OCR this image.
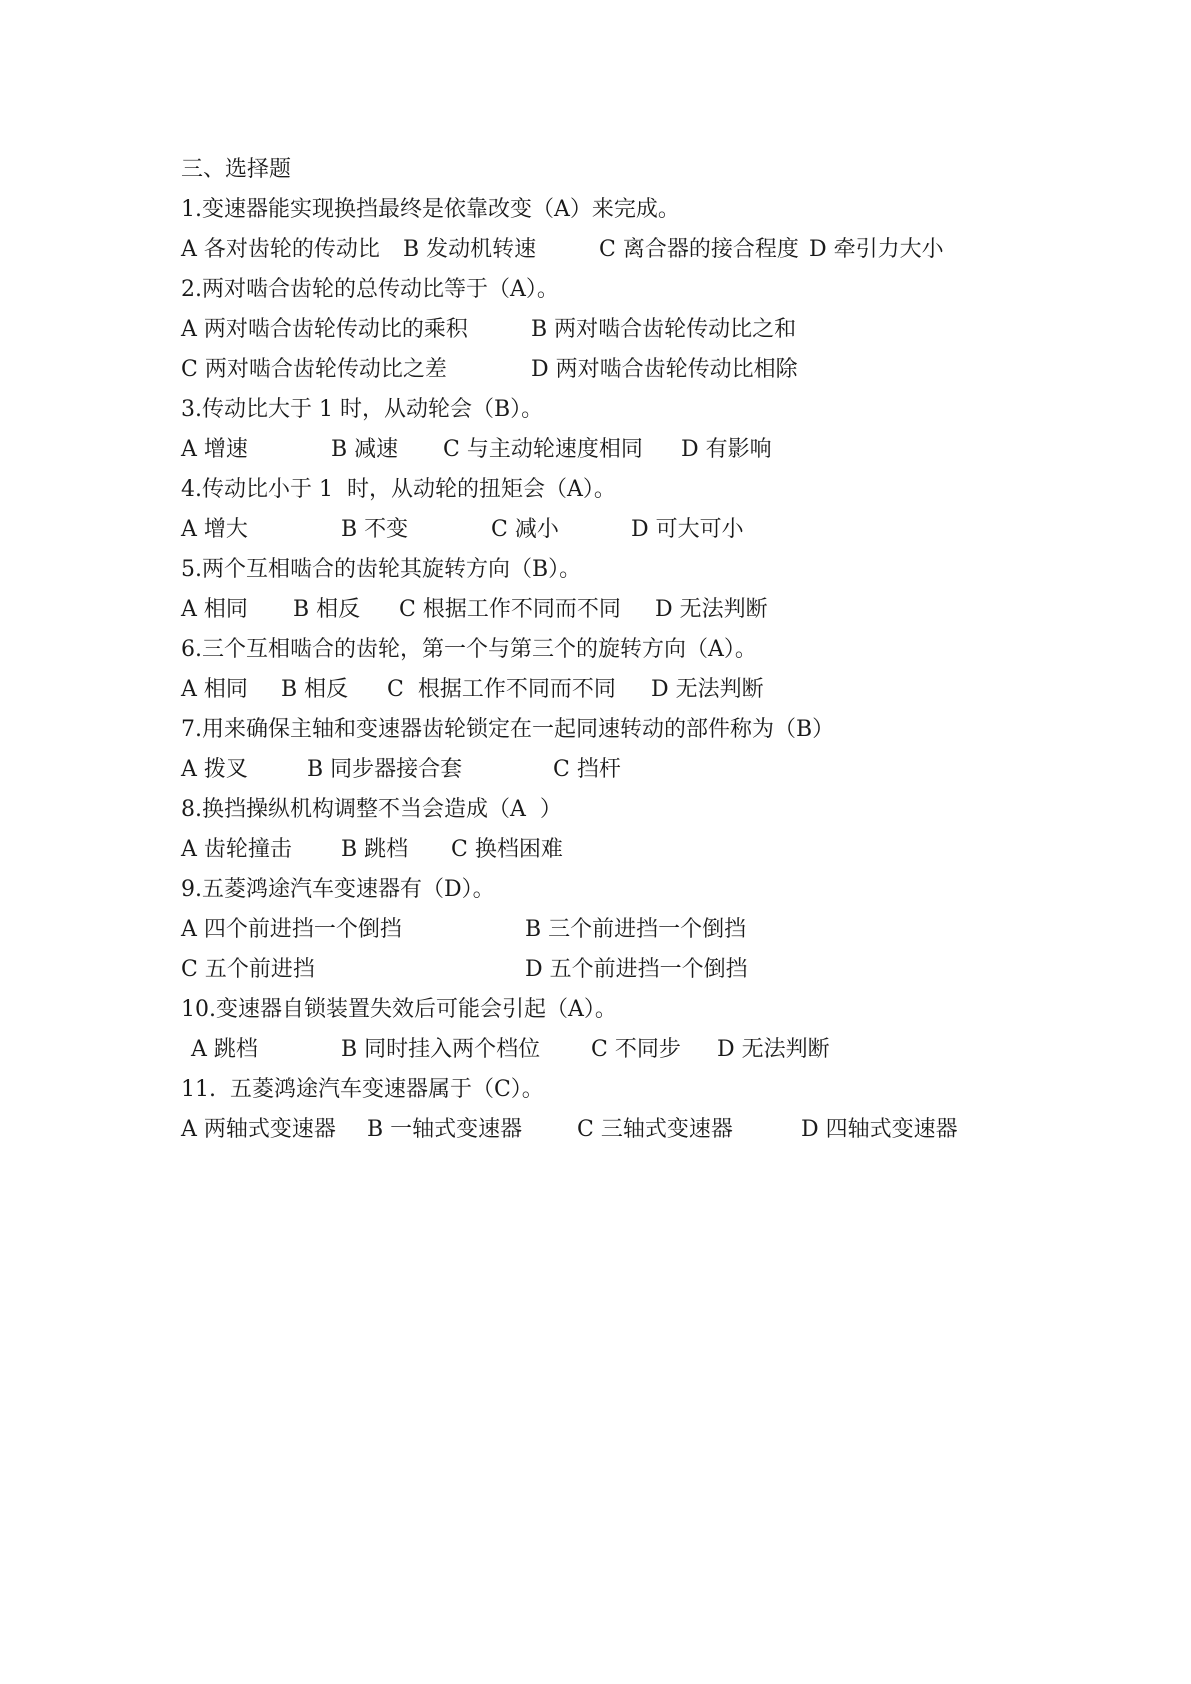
三、选择题
1.变速器能实现换挡最终是依靠改变（A）来完成。

A 各对齿轮的传动比

B 发动机转速

	C 离合器的接合程度

D 牵引力大小

2.两对啮合齿轮的总传动比等于（A）。

A 两对啮合齿轮传动比的乘积

	B 两对啮合齿轮传动比之和

C 两对啮合齿轮传动比之差

	D 两对啮合齿轮传动比相除

3.传动比大于 1 时，从动轮会（B）。

A 增速

	B 减速

C 与主动轮速度相同

D 有影响

4.传动比小于 1  时，从动轮的扭矩会（A）。

A 增大

	B 不变

	C 减小

	D 可大可小

5.两个互相啮合的齿轮其旋转方向（B）。

A 相同

B 相反

C 根据工作不同而不同

D 无法判断

6.三个互相啮合的齿轮，第一个与第三个的旋转方向（A）。

A 相同

B 相反

C  根据工作不同而不同

D 无法判断

7.用来确保主轴和变速器齿轮锁定在一起同速转动的部件称为（B）

A 拨叉

	B 同步器接合套

	C 挡杆

8.换挡操纵机构调整不当会造成（A  ）

A 齿轮撞击

B 跳档

C 换档困难

9.五菱鸿途汽车变速器有（D）。

A 四个前进挡一个倒挡

	B 三个前进挡一个倒挡

C 五个前进挡

	D 五个前进挡一个倒挡

10.变速器自锁装置失效后可能会引起（A）。

A 跳档

	B 同时挂入两个档位

C 不同步

D 无法判断

11.  五菱鸿途汽车变速器属于（C）。

A 两轴式变速器

B 一轴式变速器

C 三轴式变速器

	D 四轴式变速器
